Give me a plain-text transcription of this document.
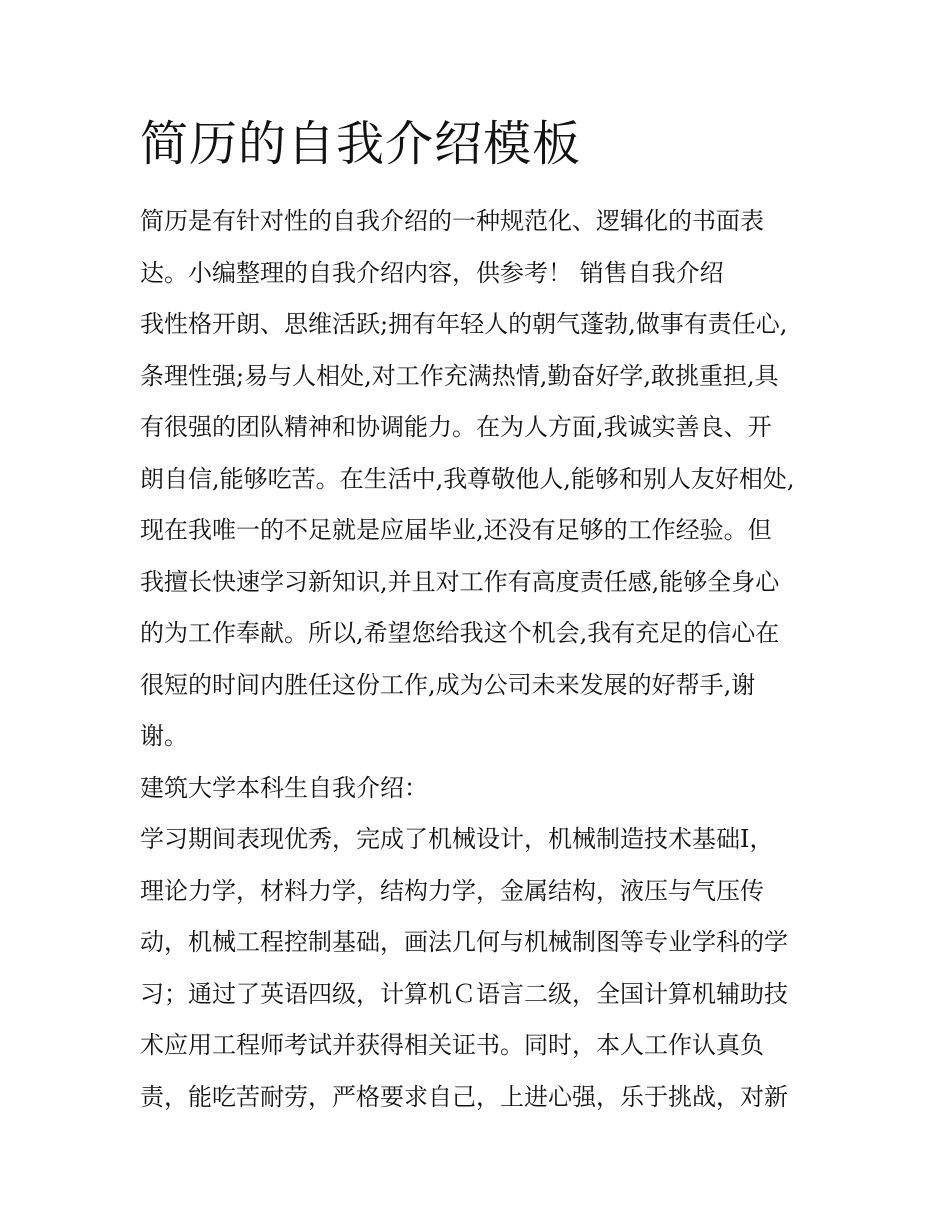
简历的自我介绍模板
简历是有针对性的自我介绍的一种规范化、逻辑化的书面表
达。小编整理的自我介绍内容，供参考！ 销售自我介绍
我性格开朗、思维活跃;拥有年轻人的朝气蓬勃,做事有责任心,
条理性强;易与人相处,对工作充满热情,勤奋好学,敢挑重担,具
有很强的团队精神和协调能力。在为人方面,我诚实善良、开
朗自信,能够吃苦。在生活中,我尊敬他人,能够和别人友好相处,
现在我唯一的不足就是应届毕业,还没有足够的工作经验。但
我擅长快速学习新知识,并且对工作有高度责任感,能够全身心
的为工作奉献。所以,希望您给我这个机会,我有充足的信心在
很短的时间内胜任这份工作,成为公司未来发展的好帮手,谢
谢。
建筑大学本科生自我介绍：
学习期间表现优秀，完成了机械设计，机械制造技术基础Ⅰ，
理论力学，材料力学，结构力学，金属结构，液压与气压传
动，机械工程控制基础，画法几何与机械制图等专业学科的学
习；通过了英语四级，计算机Ｃ语言二级，全国计算机辅助技
术应用工程师考试并获得相关证书。同时，本人工作认真负
责，能吃苦耐劳，严格要求自己，上进心强，乐于挑战，对新
